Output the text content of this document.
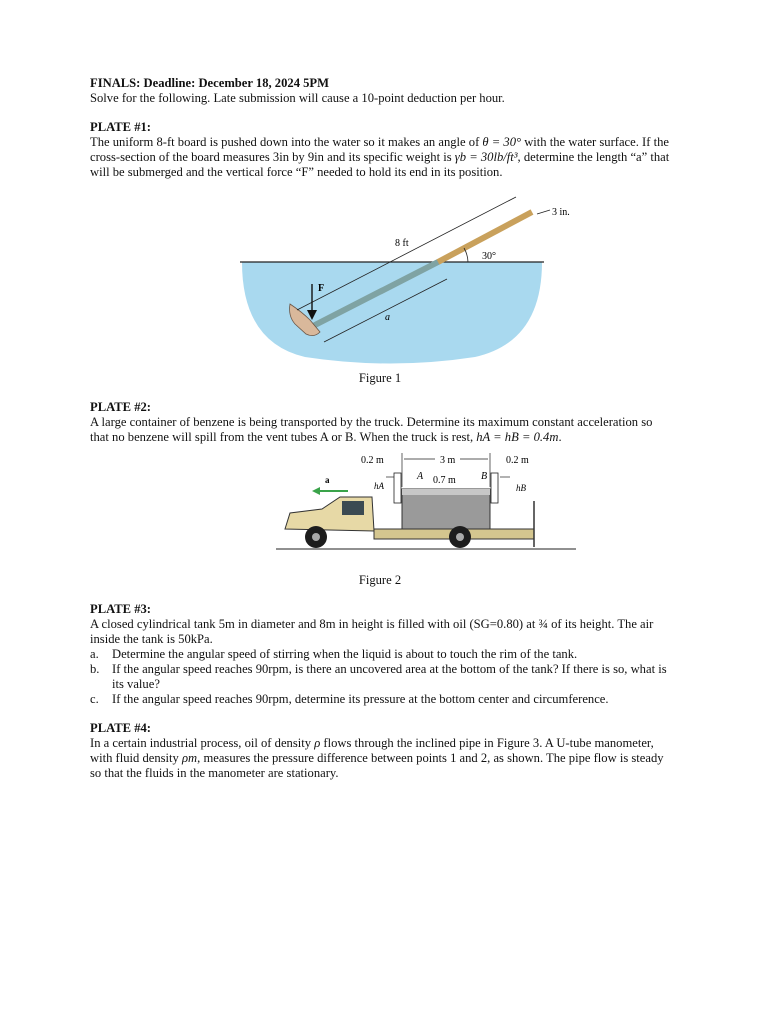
FINALS: Deadline: December 18, 2024 5PM

Solve for the following. Late submission will cause a 10-point deduction per hour.

PLATE #1:

The uniform 8-ft board is pushed down into the water so it makes an angle of θ = 30° with the water surface. If the cross-section of the board measures 3in by 9in and its specific weight is γb = 30lb/ft³, determine the length “a” that will be submerged and the vertical force “F” needed to hold its end in its position.

8 ft
3 in.
30°
a
F
Figure 1
PLATE #2:

A large container of benzene is being transported by the truck. Determine its maximum constant acceleration so that no benzene will spill from the vent tubes A or B. When the truck is rest, hA = hB = 0.4m.

0.2 m	3 m	0.2 m
A	B
0.7 m
hA	hB
a
Figure 2
PLATE #3:

A closed cylindrical tank 5m in diameter and 8m in height is filled with oil (SG=0.80) at ¾ of its height. The air inside the tank is 50kPa.

a. Determine the angular speed of stirring when the liquid is about to touch the rim of the tank.
b. If the angular speed reaches 90rpm, is there an uncovered area at the bottom of the tank? If there is so, what is its value?
c. If the angular speed reaches 90rpm, determine its pressure at the bottom center and circumference.
PLATE #4:

In a certain industrial process, oil of density ρ flows through the inclined pipe in Figure 3. A U-tube manometer, with fluid density ρm, measures the pressure difference between points 1 and 2, as shown. The pipe flow is steady so that the fluids in the manometer are stationary.
